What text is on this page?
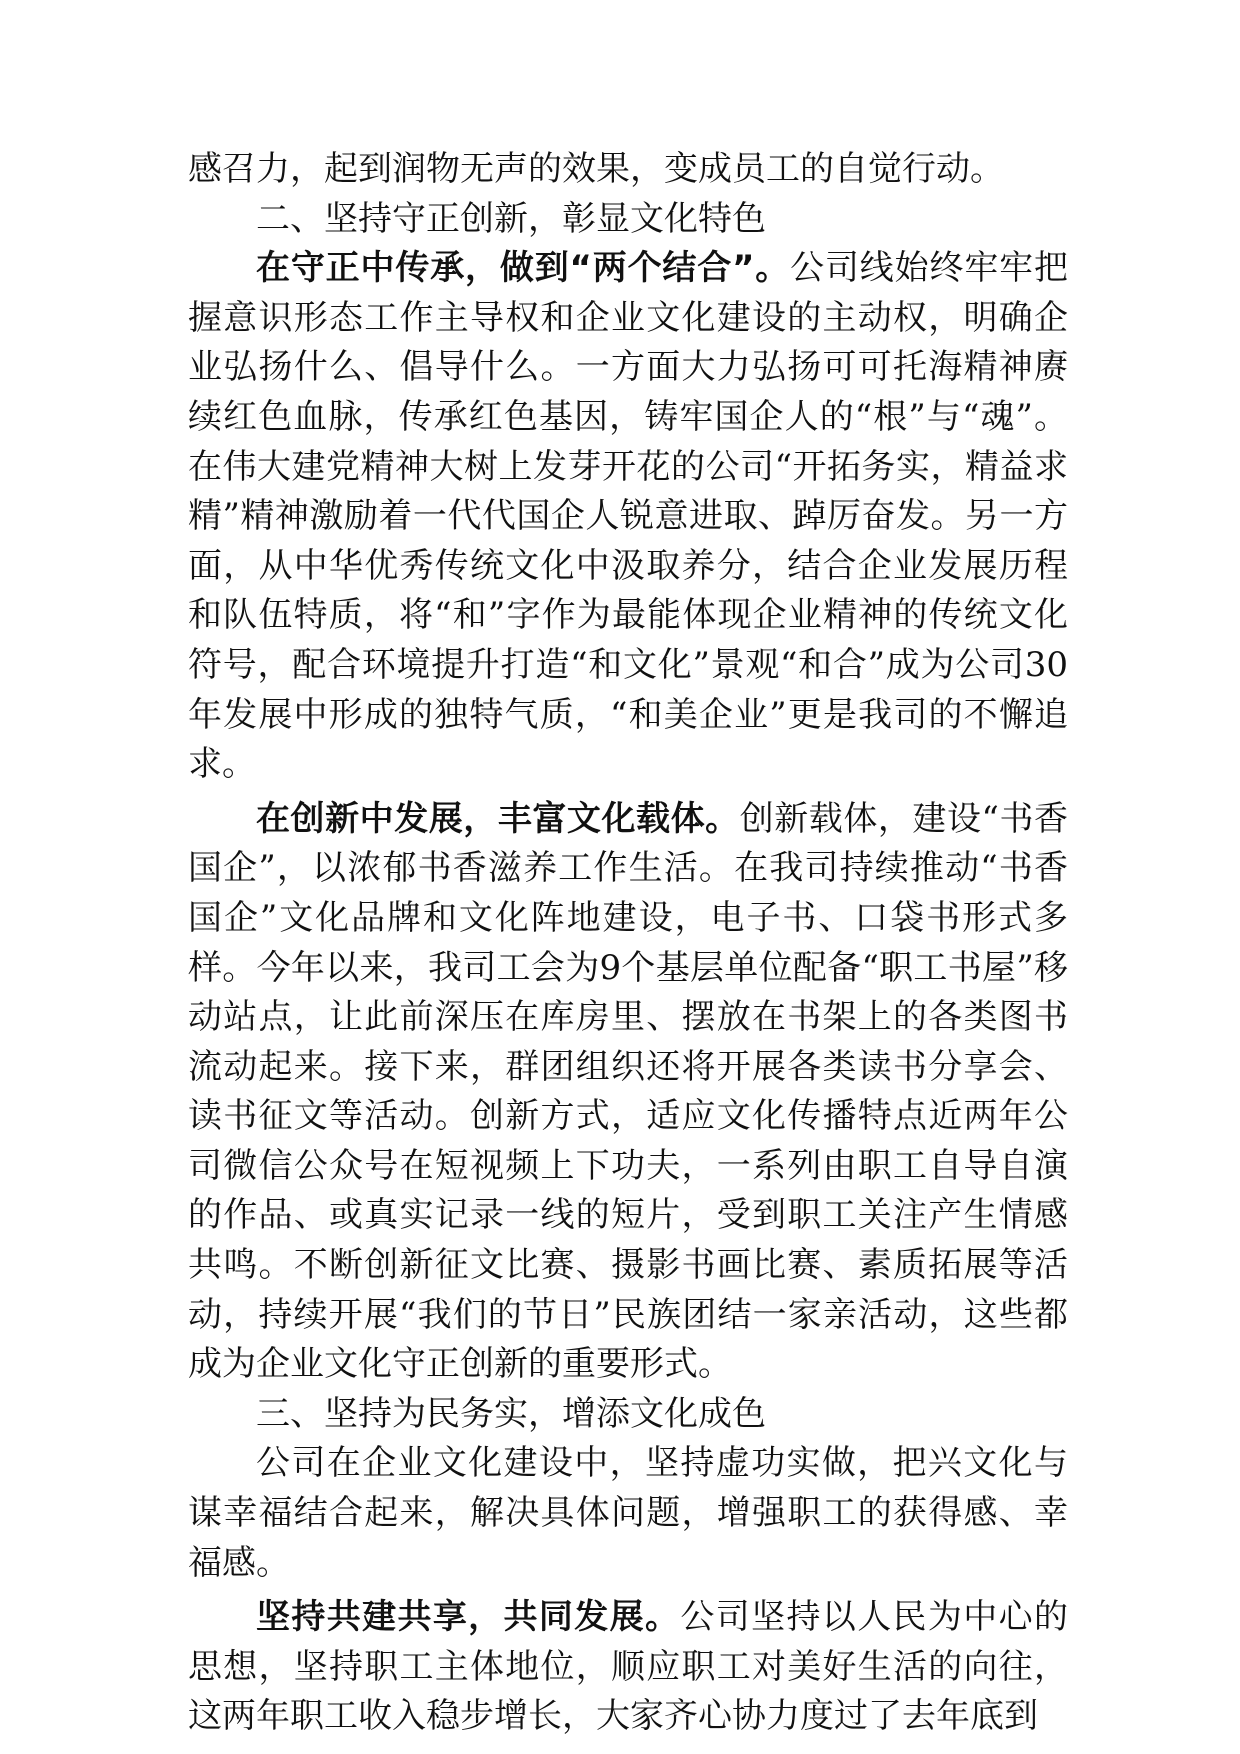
感召力，起到润物无声的效果，变成员工的自觉行动。

二、坚持守正创新，彰显文化特色

在守正中传承，做到“两个结合”。公司线始终牢牢把握意识形态工作主导权和企业文化建设的主动权，明确企业弘扬什么、倡导什么。一方面大力弘扬可可托海精神赓续红色血脉，传承红色基因，铸牢国企人的“根”与“魂”。在伟大建党精神大树上发芽开花的公司“开拓务实，精益求精”精神激励着一代代国企人锐意进取、踔厉奋发。另一方面，从中华优秀传统文化中汲取养分，结合企业发展历程和队伍特质，将“和”字作为最能体现企业精神的传统文化符号，配合环境提升打造“和文化”景观“和合”成为公司30年发展中形成的独特气质，“和美企业”更是我司的不懈追求。

在创新中发展，丰富文化载体。创新载体，建设“书香国企”，以浓郁书香滋养工作生活。在我司持续推动“书香国企”文化品牌和文化阵地建设，电子书、口袋书形式多样。今年以来，我司工会为9个基层单位配备“职工书屋”移动站点，让此前深压在库房里、摆放在书架上的各类图书流动起来。接下来，群团组织还将开展各类读书分享会、读书征文等活动。创新方式，适应文化传播特点近两年公司微信公众号在短视频上下功夫，一系列由职工自导自演的作品、或真实记录一线的短片，受到职工关注产生情感共鸣。不断创新征文比赛、摄影书画比赛、素质拓展等活动，持续开展“我们的节日”民族团结一家亲活动，这些都成为企业文化守正创新的重要形式。

三、坚持为民务实，增添文化成色

公司在企业文化建设中，坚持虚功实做，把兴文化与谋幸福结合起来，解决具体问题，增强职工的获得感、幸福感。

坚持共建共享，共同发展。公司坚持以人民为中心的思想，坚持职工主体地位，顺应职工对美好生活的向往，这两年职工收入稳步增长，大家齐心协力度过了去年底到
